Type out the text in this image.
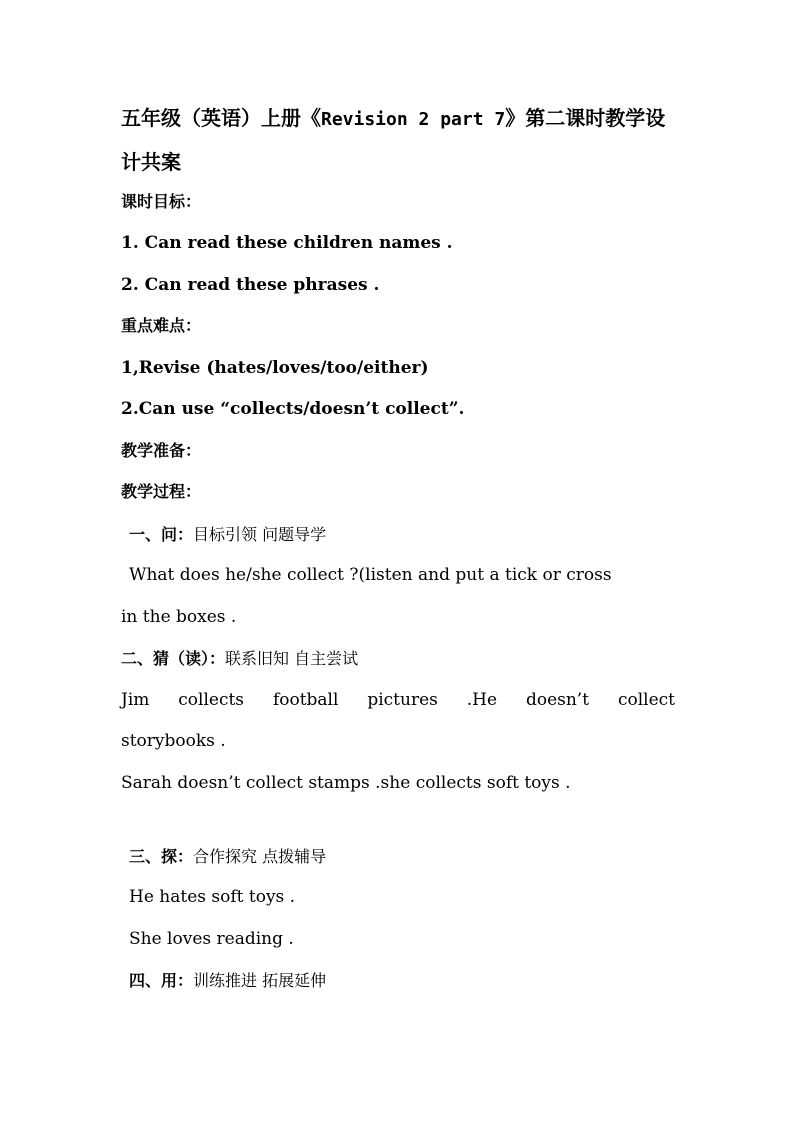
五年级（英语）上册《Revision 2 part 7》第二课时教学设计共案
课时目标：
1. Can read these children names .
2. Can read these phrases .
重点难点：
1,Revise (hates/loves/too/either)
2.Can use “collects/doesn’t collect”.
教学准备：
教学过程：
一、问：目标引领 问题导学
What does he/she collect ?(listen and put a tick or cross
in the boxes .
二、猜（读）：联系旧知 自主尝试
Jim collects football pictures .He doesn’t collect
storybooks .
Sarah doesn’t collect stamps .she collects soft toys .
三、探：合作探究 点拨辅导
He hates soft toys .
She loves reading .
四、用：训练推进 拓展延伸
